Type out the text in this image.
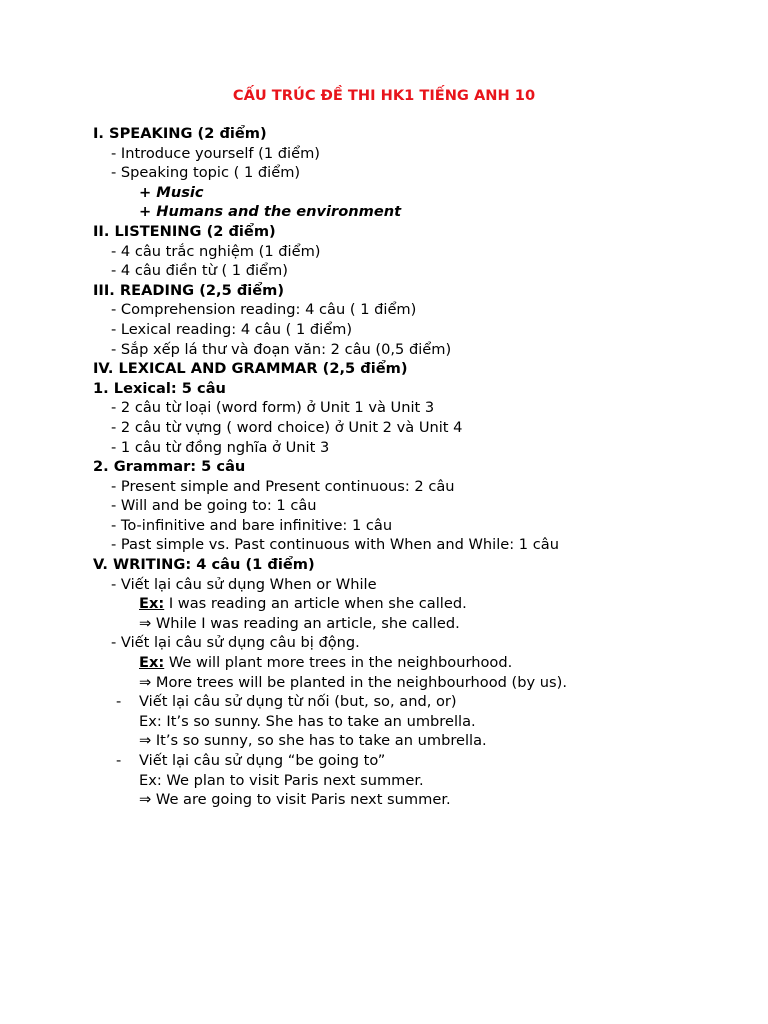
CẤU TRÚC ĐỀ THI HK1 TIẾNG ANH 10
I. SPEAKING (2 điểm)
- Introduce yourself (1 điểm)
- Speaking topic ( 1 điểm)
+ Music
+ Humans and the environment
II. LISTENING (2 điểm)
- 4 câu trắc nghiệm (1 điểm)
- 4 câu điền từ ( 1 điểm)
III. READING (2,5 điểm)
- Comprehension reading: 4 câu ( 1 điểm)
- Lexical reading: 4 câu ( 1 điểm)
- Sắp xếp lá thư và đoạn văn: 2 câu (0,5 điểm)
IV. LEXICAL AND GRAMMAR (2,5 điểm)
1. Lexical: 5 câu
- 2 câu từ loại (word form) ở Unit 1 và Unit 3
- 2 câu từ vựng ( word choice) ở Unit 2 và Unit 4
- 1 câu từ đồng nghĩa ở Unit 3
2. Grammar: 5 câu
- Present simple and Present continuous: 2 câu
- Will and be going to: 1 câu
- To-infinitive and bare infinitive: 1 câu
- Past simple vs. Past continuous with When and While: 1 câu
V. WRITING: 4 câu (1 điểm)
- Viết lại câu sử dụng When or While
Ex: I was reading an article when she called.
⇒ While I was reading an article, she called.
- Viết lại câu sử dụng câu bị động.
Ex: We will plant more trees in the neighbourhood.
⇒ More trees will be planted in the neighbourhood (by us).
- Viết lại câu sử dụng từ nối (but, so, and, or)
Ex: It’s so sunny. She has to take an umbrella.
⇒ It’s so sunny, so she has to take an umbrella.
- Viết lại câu sử dụng “be going to”
Ex: We plan to visit Paris next summer.
⇒ We are going to visit Paris next summer.
